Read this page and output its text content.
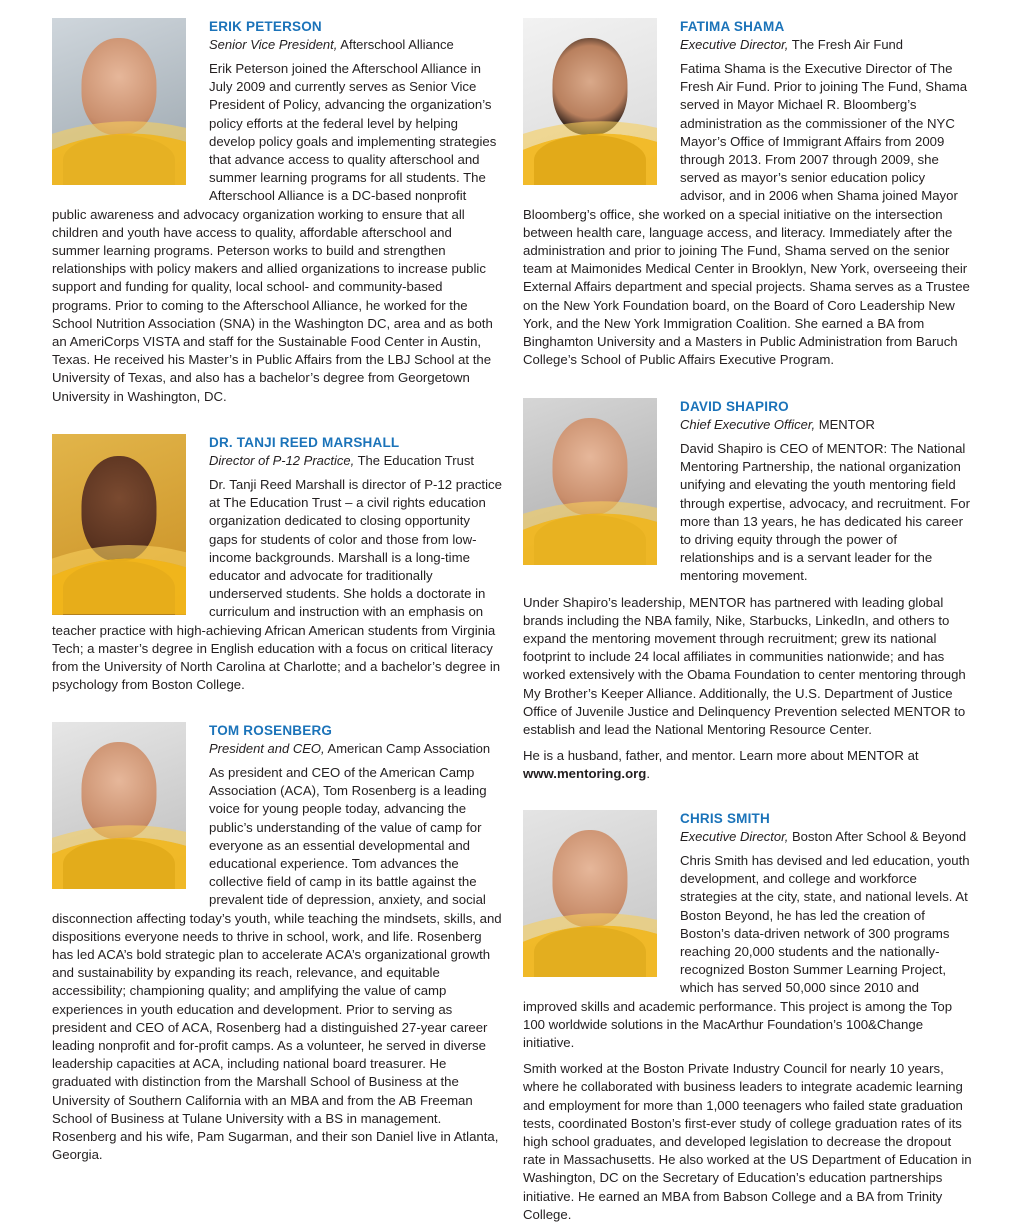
ERIK PETERSON
Senior Vice President, Afterschool Alliance

Erik Peterson joined the Afterschool Alliance in July 2009 and currently serves as Senior Vice President of Policy, advancing the organization’s policy efforts at the federal level by helping develop policy goals and implementing strategies that advance access to quality afterschool and summer learning programs for all students. The Afterschool Alliance is a DC-based nonprofit public awareness and advocacy organization working to ensure that all children and youth have access to quality, affordable afterschool and summer learning programs. Peterson works to build and strengthen relationships with policy makers and allied organizations to increase public support and funding for quality, local school- and community-based programs. Prior to coming to the Afterschool Alliance, he worked for the School Nutrition Association (SNA) in the Washington DC, area and as both an AmeriCorps VISTA and staff for the Sustainable Food Center in Austin, Texas. He received his Master’s in Public Affairs from the LBJ School at the University of Texas, and also has a bachelor’s degree from Georgetown University in Washington, DC.

DR. TANJI REED MARSHALL
Director of P-12 Practice, The Education Trust

Dr. Tanji Reed Marshall is director of P-12 practice at The Education Trust – a civil rights education organization dedicated to closing opportunity gaps for students of color and those from low-income backgrounds. Marshall is a long-time educator and advocate for traditionally underserved students. She holds a doctorate in curriculum and instruction with an emphasis on teacher practice with high-achieving African American students from Virginia Tech; a master’s degree in English education with a focus on critical literacy from the University of North Carolina at Charlotte; and a bachelor’s degree in psychology from Boston College.

TOM ROSENBERG
President and CEO, American Camp Association

As president and CEO of the American Camp Association (ACA), Tom Rosenberg is a leading voice for young people today, advancing the public’s understanding of the value of camp for everyone as an essential developmental and educational experience. Tom advances the collective field of camp in its battle against the prevalent tide of depression, anxiety, and social disconnection affecting today’s youth, while teaching the mindsets, skills, and dispositions everyone needs to thrive in school, work, and life. Rosenberg has led ACA’s bold strategic plan to accelerate ACA’s organizational growth and sustainability by expanding its reach, relevance, and equitable accessibility; championing quality; and amplifying the value of camp experiences in youth education and development. Prior to serving as president and CEO of ACA, Rosenberg had a distinguished 27-year career leading nonprofit and for-profit camps. As a volunteer, he served in diverse leadership capacities at ACA, including national board treasurer. He graduated with distinction from the Marshall School of Business at the University of Southern California with an MBA and from the AB Freeman School of Business at Tulane University with a BS in management. Rosenberg and his wife, Pam Sugarman, and their son Daniel live in Atlanta, Georgia.

FATIMA SHAMA
Executive Director, The Fresh Air Fund

Fatima Shama is the Executive Director of The Fresh Air Fund. Prior to joining The Fund, Shama served in Mayor Michael R. Bloomberg’s administration as the commissioner of the NYC Mayor’s Office of Immigrant Affairs from 2009 through 2013. From 2007 through 2009, she served as mayor’s senior education policy advisor, and in 2006 when Shama joined Mayor Bloomberg’s office, she worked on a special initiative on the intersection between health care, language access, and literacy. Immediately after the administration and prior to joining The Fund, Shama served on the senior team at Maimonides Medical Center in Brooklyn, New York, overseeing their External Affairs department and special projects. Shama serves as a Trustee on the New York Foundation board, on the Board of Coro Leadership New York, and the New York Immigration Coalition. She earned a BA from Binghamton University and a Masters in Public Administration from Baruch College’s School of Public Affairs Executive Program.

DAVID SHAPIRO
Chief Executive Officer, MENTOR

David Shapiro is CEO of MENTOR: The National Mentoring Partnership, the national organization unifying and elevating the youth mentoring field through expertise, advocacy, and recruitment. For more than 13 years, he has dedicated his career to driving equity through the power of relationships and is a servant leader for the mentoring movement.

Under Shapiro’s leadership, MENTOR has partnered with leading global brands including the NBA family, Nike, Starbucks, LinkedIn, and others to expand the mentoring movement through recruitment; grew its national footprint to include 24 local affiliates in communities nationwide; and has worked extensively with the Obama Foundation to center mentoring through My Brother’s Keeper Alliance. Additionally, the U.S. Department of Justice Office of Juvenile Justice and Delinquency Prevention selected MENTOR to establish and lead the National Mentoring Resource Center.

He is a husband, father, and mentor. Learn more about MENTOR at www.mentoring.org.

CHRIS SMITH
Executive Director, Boston After School & Beyond

Chris Smith has devised and led education, youth development, and college and workforce strategies at the city, state, and national levels. At Boston Beyond, he has led the creation of Boston’s data-driven network of 300 programs reaching 20,000 students and the nationally-recognized Boston Summer Learning Project, which has served 50,000 since 2010 and improved skills and academic performance. This project is among the Top 100 worldwide solutions in the MacArthur Foundation’s 100&Change initiative.

Smith worked at the Boston Private Industry Council for nearly 10 years, where he collaborated with business leaders to integrate academic learning and employment for more than 1,000 teenagers who failed state graduation tests, coordinated Boston’s first-ever study of college graduation rates of its high school graduates, and developed legislation to decrease the dropout rate in Massachusetts. He also worked at the US Department of Education in Washington, DC on the Secretary of Education’s education partnerships initiative. He earned an MBA from Babson College and a BA from Trinity College.
